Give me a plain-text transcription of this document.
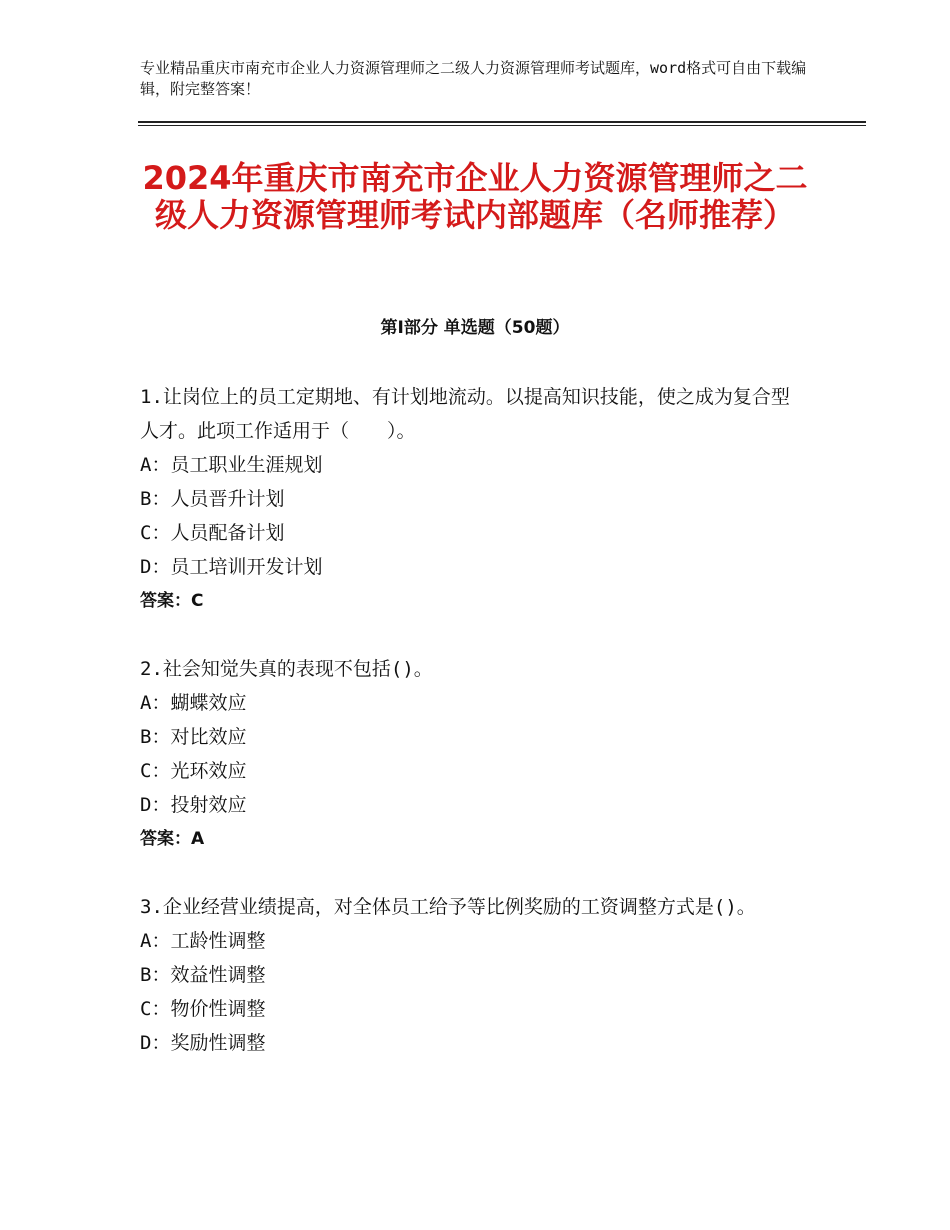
专业精品重庆市南充市企业人力资源管理师之二级人力资源管理师考试题库，word格式可自由下载编辑，附完整答案！
2024年重庆市南充市企业人力资源管理师之二级人力资源管理师考试内部题库（名师推荐）
第Ⅰ部分 单选题（50题）

1.让岗位上的员工定期地、有计划地流动。以提高知识技能，使之成为复合型人才。此项工作适用于（　　）。

A：员工职业生涯规划

B：人员晋升计划

C：人员配备计划

D：员工培训开发计划

答案：C

2.社会知觉失真的表现不包括()。

A：蝴蝶效应

B：对比效应

C：光环效应

D：投射效应

答案：A

3.企业经营业绩提高，对全体员工给予等比例奖励的工资调整方式是()。

A：工龄性调整

B：效益性调整

C：物价性调整

D：奖励性调整
